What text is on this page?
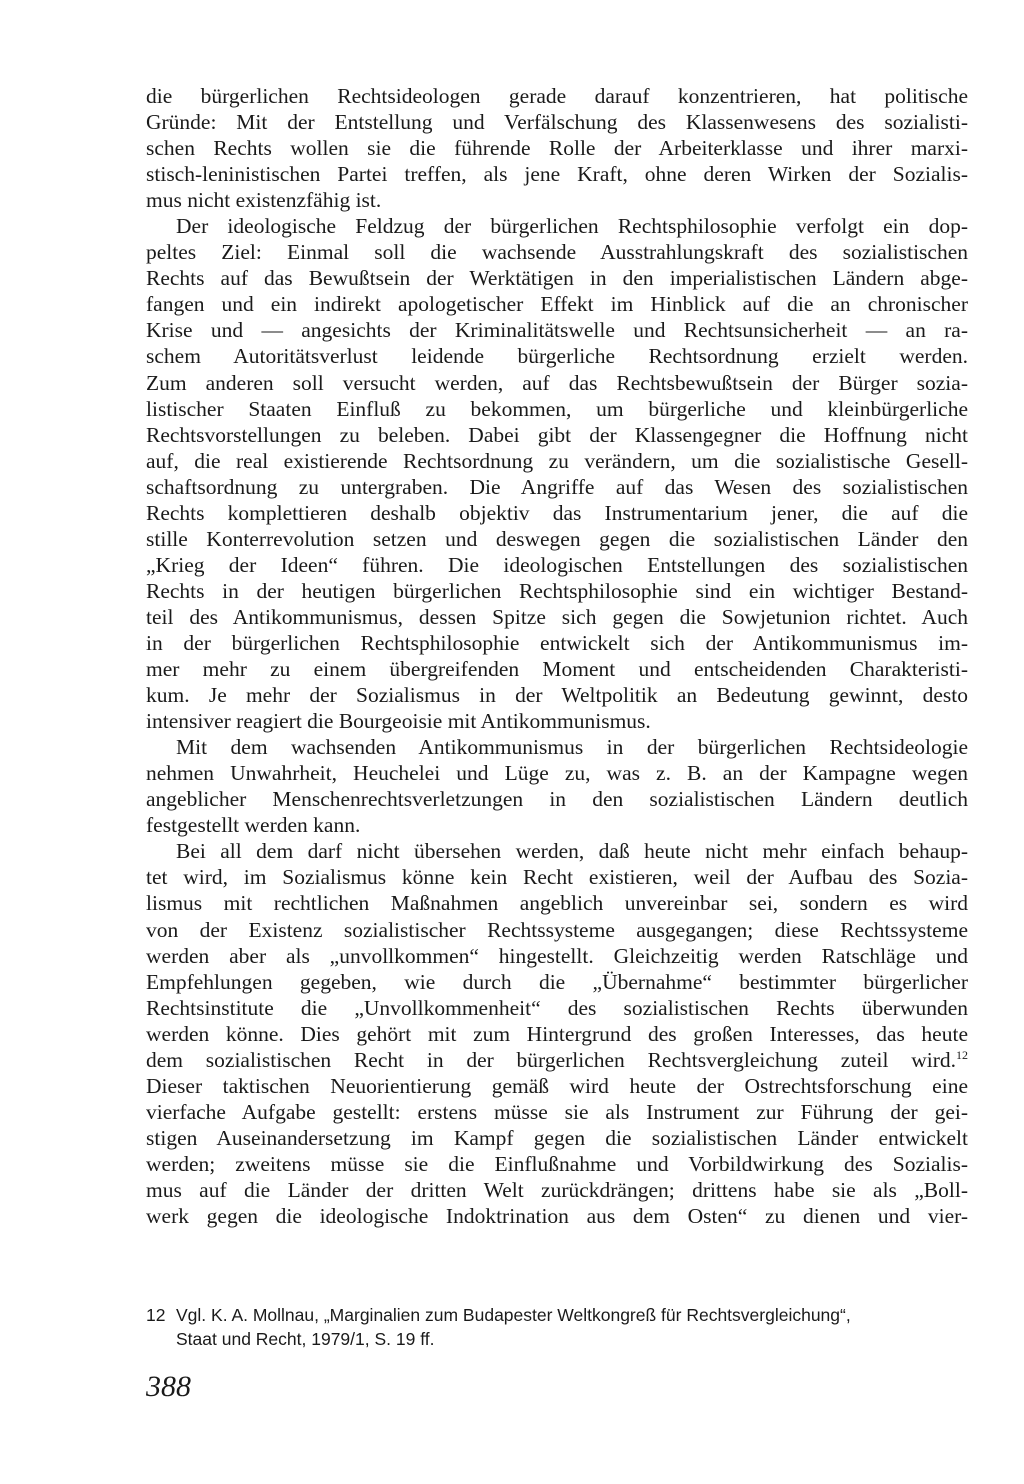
die bürgerlichen Rechtsideologen gerade darauf konzentrieren, hat politische
Gründe: Mit der Entstellung und Verfälschung des Klassenwesens des sozialisti-
schen Rechts wollen sie die führende Rolle der Arbeiterklasse und ihrer marxi-
stisch-leninistischen Partei treffen, als jene Kraft, ohne deren Wirken der Sozialis-
mus nicht existenzfähig ist.
Der ideologische Feldzug der bürgerlichen Rechtsphilosophie verfolgt ein dop-
peltes Ziel: Einmal soll die wachsende Ausstrahlungskraft des sozialistischen
Rechts auf das Bewußtsein der Werktätigen in den imperialistischen Ländern abge-
fangen und ein indirekt apologetischer Effekt im Hinblick auf die an chronischer
Krise und — angesichts der Kriminalitätswelle und Rechtsunsicherheit — an ra-
schem Autoritätsverlust leidende bürgerliche Rechtsordnung erzielt werden.
Zum anderen soll versucht werden, auf das Rechtsbewußtsein der Bürger sozia-
listischer Staaten Einfluß zu bekommen, um bürgerliche und kleinbürgerliche
Rechtsvorstellungen zu beleben. Dabei gibt der Klassengegner die Hoffnung nicht
auf, die real existierende Rechtsordnung zu verändern, um die sozialistische Gesell-
schaftsordnung zu untergraben. Die Angriffe auf das Wesen des sozialistischen
Rechts komplettieren deshalb objektiv das Instrumentarium jener, die auf die
stille Konterrevolution setzen und deswegen gegen die sozialistischen Länder den
„Krieg der Ideen“ führen. Die ideologischen Entstellungen des sozialistischen
Rechts in der heutigen bürgerlichen Rechtsphilosophie sind ein wichtiger Bestand-
teil des Antikommunismus, dessen Spitze sich gegen die Sowjetunion richtet. Auch
in der bürgerlichen Rechtsphilosophie entwickelt sich der Antikommunismus im-
mer mehr zu einem übergreifenden Moment und entscheidenden Charakteristi-
kum. Je mehr der Sozialismus in der Weltpolitik an Bedeutung gewinnt, desto
intensiver reagiert die Bourgeoisie mit Antikommunismus.
Mit dem wachsenden Antikommunismus in der bürgerlichen Rechtsideologie
nehmen Unwahrheit, Heuchelei und Lüge zu, was z. B. an der Kampagne wegen
angeblicher Menschenrechtsverletzungen in den sozialistischen Ländern deutlich
festgestellt werden kann.
Bei all dem darf nicht übersehen werden, daß heute nicht mehr einfach behaup-
tet wird, im Sozialismus könne kein Recht existieren, weil der Aufbau des Sozia-
lismus mit rechtlichen Maßnahmen angeblich unvereinbar sei, sondern es wird
von der Existenz sozialistischer Rechtssysteme ausgegangen; diese Rechtssysteme
werden aber als „unvollkommen“ hingestellt. Gleichzeitig werden Ratschläge und
Empfehlungen gegeben, wie durch die „Übernahme“ bestimmter bürgerlicher
Rechtsinstitute die „Unvollkommenheit“ des sozialistischen Rechts überwunden
werden könne. Dies gehört mit zum Hintergrund des großen Interesses, das heute
dem sozialistischen Recht in der bürgerlichen Rechtsvergleichung zuteil wird.$^{12}$
Dieser taktischen Neuorientierung gemäß wird heute der Ostrechtsforschung eine
vierfache Aufgabe gestellt: erstens müsse sie als Instrument zur Führung der gei-
stigen Auseinandersetzung im Kampf gegen die sozialistischen Länder entwickelt
werden; zweitens müsse sie die Einflußnahme und Vorbildwirkung des Sozialis-
mus auf die Länder der dritten Welt zurückdrängen; drittens habe sie als „Boll-
werk gegen die ideologische Indoktrination aus dem Osten“ zu dienen und vier-
12 Vgl. K. A. Mollnau, „Marginalien zum Budapester Weltkongreß für Rechtsvergleichung“,
Staat und Recht, 1979/1, S. 19 ff.
388
